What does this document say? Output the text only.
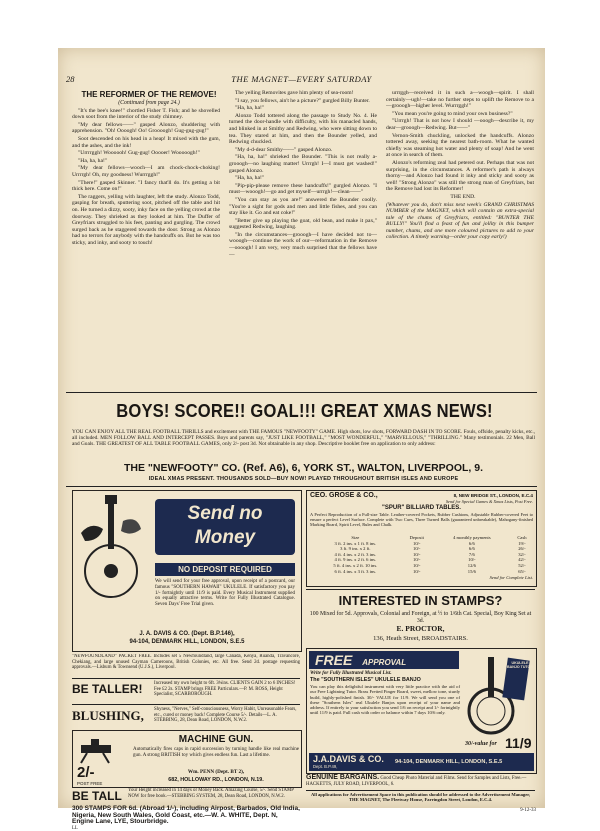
28	THE MAGNET—EVERY SATURDAY

THE REFORMER OF THE REMOVE!

(Continued from page 24.)

"It's the bee's knee!" chortled Fisher T. Fish; and he shovelled down soot from the interior of the study chimney.

"My dear fellows——" gasped Alonzo, shuddering with apprehension. "Oh! Oooogh! Oo! Groooogh! Gug-gug-gug!"

Soot descended on his head in a heap! It mixed with the gum, and the ashes, and the ink!

"Urrrrggh! Woooooh! Gug-gug! Ooooer! Wooooogh!"

"Ha, ha, ha!"

"My dear fellows—wooch—I am chock-chock-choking! Urrrrgh! Oh, my goodness! Wurrrggh!"

"There!" gasped Skinner. "I fancy that'll do. It's getting a bit thick here. Come on!"

The raggers, yelling with laughter, left the study. Alonzo Todd, gasping for breath, sputtering soot, pitched off the table and hit on. He turned a dizzy, sooty, inky face on the yelling crowd at the doorway. They shrieked as they looked at him. The Duffer of Greyfriars struggled to his feet, panting and gurgling. The crowd surged back as he staggered towards the door. Strong as Alonzo had no terrors for anybody with the handcuffs on. But he was too sticky, and inky, and sooty to touch!

The yelling Removites gave him plenty of sea-room!

"I say, you fellows, ain't he a picture?" gurgled Billy Bunter.

"Ha, ha, ha!"

Alonzo Todd tottered along the passage to Study No. 4. He turned the door-handle with difficulty, with his manacled hands, and blinked in at Smithy and Redwing, who were sitting down to tea. They stared at him, and then the Bounder yelled, and Redwing chuckled.

"My d-d-dear Smithy——" gasped Alonzo.

"Ha, ha, ha!" shrieked the Bounder. "This is not really a-grooogh—no laughing matter! Urrrgh! I—I must get washed!" gasped Alonzo.

"Ha, ha, ha!"

"Pip-pip-please remove these handcuffs!" gurgled Alonzo. "I must—wooogh!—go and get myself—urrrgh!—clean——"

"You can stay as you are!" answered the Bounder coolly. "You're a sight for gods and men and little fishes, and you can stay like it. Go and eat coke!"

"Better give up playing the goat, old bean, and make it pax," suggested Redwing, laughing.

"In the circumstances—grooogh—I have decided not to—wooogh—continue the work of our—reformation in the Remove—oooogh! I am very, very much surprised that the fellows have—

urrrggh—received it in such a—woogh—spirit. I shall certainly—ugh!—take no further steps to uplift the Remove to a—grooogh—higher level. Wurrrggh!"

"You mean you're going to mind your own business?"

"Urrrgh! That is not how I should —ooogh—describe it, my dear—grooogh—Redwing. But——"

Vernon-Smith chuckling, unlocked the handcuffs. Alonzo tottered away, seeking the nearest bath-room. What he wanted chiefly was steaming hot water and plenty of soap! And he went at once in search of them.

Alonzo's reforming zeal had petered out. Perhaps that was not surprising, in the circumstances. A reformer's path is always thorny—and Alonzo had found it inky and sticky and sooty as well! "Strong Alonzo" was still the strong man of Greyfriars, but the Remove had lost its Reformer!

THE END.

(Whatever you do, don't miss next week's GRAND CHRISTMAS NUMBER of the MAGNET, which will contain an extra-special tale of the chums of Greyfriars, entitled: "BUNTER THE BULLY!" You'll find a feast of fun and jollity in this bumper number, chums, and one more coloured pictures to add to your collection. A timely warning—order your copy early!)

BOYS! SCORE!! GOAL!!! GREAT XMAS NEWS!
YOU CAN ENJOY ALL THE REAL FOOTBALL THRILLS and excitement with THE FAMOUS "NEWFOOTY" GAME. High shots, low shots, FORWARD DASH IN TO SCORE. Fouls, offside, penalty kicks, etc., all included. MEN FOLLOW BALL AND INTERCEPT PASSES. Boys and parents say, "JUST LIKE FOOTBALL," "MOST WONDERFUL," "MARVELLOUS," "THRILLING." Many testimonials. 22 Men, Ball and Goals. THE GREATEST OF ALL TABLE FOOTBALL GAMES, only 2/- post 3d. Not obtainable in any shop. Descriptive booklet free on application to only address:
THE "NEWFOOTY" CO. (Ref. A6), 6, YORK ST., WALTON, LIVERPOOL, 9.
IDEAL XMAS PRESENT. THOUSANDS SOLD—BUY NOW! PLAYED THROUGHOUT BRITISH ISLES AND EUROPE
Send no
Money
NO DEPOSIT REQUIRED
We will send for your free approval, upon receipt of a postcard, our famous "SOUTHERN HAWAII" UKULELE. If satisfactory you pay 1/- fortnightly until 11/9 is paid. Every Musical Instrument supplied on equally attractive terms. Write for Fully Illustrated Catalogue. Seven Days' Free Trial given.
J. A. DAVIS & CO. (Dept. B.P.146),
94-104, DENMARK HILL, LONDON, S.E.5
"NEWFOUNDLAND" PACKET FREE. Includes set 5 Newfoundland, large Canada, Kenya, Ruanda, Travancore, Chekiang, and large unused Cayman Cameroons, British Colonies, etc. All free. Send 2d. postage requesting approvals.—Lisburn & Townsend (U.J.S.), Liverpool.
BE TALLER! Increased my own height to 6ft. 3¾ins. CLIENTS GAIN 2 to 6 INCHES! Fee £2 2s. STAMP brings FREE Particulars.—P. M. ROSS, Height Specialist, SCARBOROUGH.
BLUSHING, Shyness, "Nerves," Self-consciousness, Worry Habit, Unreasonable Fears, etc., cured or money back! Complete Course 5/-. Details—L. A. STEBBING, 28, Dean Road, LONDON, N.W.2.
2/-
POST FREE
MACHINE GUN.
Automatically fires caps in rapid succession by turning handle like real machine gun. A strong BRITISH toy which gives endless fun. Last a lifetime.
Wm. PENN (Dept. BT 2),
682, HOLLOWAY RD., LONDON, N.19.
BE TALL Your Height increased in 14 days or Money Back. Amazing Course, 5/-. Send STAMP NOW for free book.—STEBBING SYSTEM, 28, Dean Road, LONDON, N.W.2.
300 STAMPS FOR 6d. (Abroad 1/-), including Airpost, Barbados, Old India, Nigeria, New South Wales, Gold Coast, etc.—W. A. WHITE, Dept. N, Engine Lane, LYE, Stourbridge.
LL
CEO. GROSE & CO.,	8, NEW BRIDGE ST., LONDON, E.C.4
Send for Special Games & Xmas Lists, Post Free.
"SPUR" BILLIARD TABLES.
A Perfect Reproduction of a Full-size Table. Leather-covered Pockets, Rubber Cushions, Adjustable Rubber-covered Feet to ensure a perfect Level Surface. Complete with Two Cues, Three Turned Balls (guaranteed unbreakable), Mahogany-finished Marking Board, Spirit Level, Rules and Chalk.
Size	Deposit	4 monthly payments	Cash
3 ft. 2 ins. x 1 ft. 8 ins.	10/-	6/6	19/-
3 ft. 9 ins. x 2 ft.	10/-	6/6	26/-
4 ft. 4 ins. x 2 ft. 3 ins.	10/-	7/6	32/-
4 ft. 9 ins. x 2 ft. 6 ins.	10/-	10/-	42/-
5 ft. 4 ins. x 2 ft. 10 ins.	10/-	12/6	52/-
6 ft. 4 ins. x 3 ft. 3 ins.	10/-	15/6	65/-
Send for Complete List.
INTERESTED IN STAMPS?
100 Mixed for 5d. Approvals, Colonial and Foreign, at ½ to 1/6th Cat. Special, Boy King Set at 3d.
E. PROCTOR,
136, Heath Street, BROADSTAIRS.
FREE APPROVAL
Write for Fully Illustrated Musical List.
The "SOUTHERN ISLES" UKULELE BANJO
You can play this delightful instrument with very little practice with the aid of our Free Lightning Tutor. Brass Fretted Finger Board, sweet, mellow tone, sturdy build, highly-polished finish. 30/- VALUE for 11/9. We will send you one of these "Southern Isles" real Ukulele Banjos upon receipt of your name and address. If entirely to your satisfaction you send 1/6 on receipt and 1/- fortnightly until 11/9 is paid. Full cash with order or balance within 7 days 10/6 only.
UKULELE BANJO TUTOR
30/-value for 11/9
J.A.DAVIS & CO.
Dept. B.P.49,
94-104, DENMARK HILL, LONDON, S.E.5
GENUINE BARGAINS. Good Cheap Photo Material and Films. Send for Samples and Lists, Free.—HACKETTS, JULY ROAD, LIVERPOOL, 6.
All applications for Advertisement Space in this publication should be addressed to the Advertisement Manager, THE MAGNET, The Fleetway House, Farringdon Street, London, E.C.4.
9-12-33
